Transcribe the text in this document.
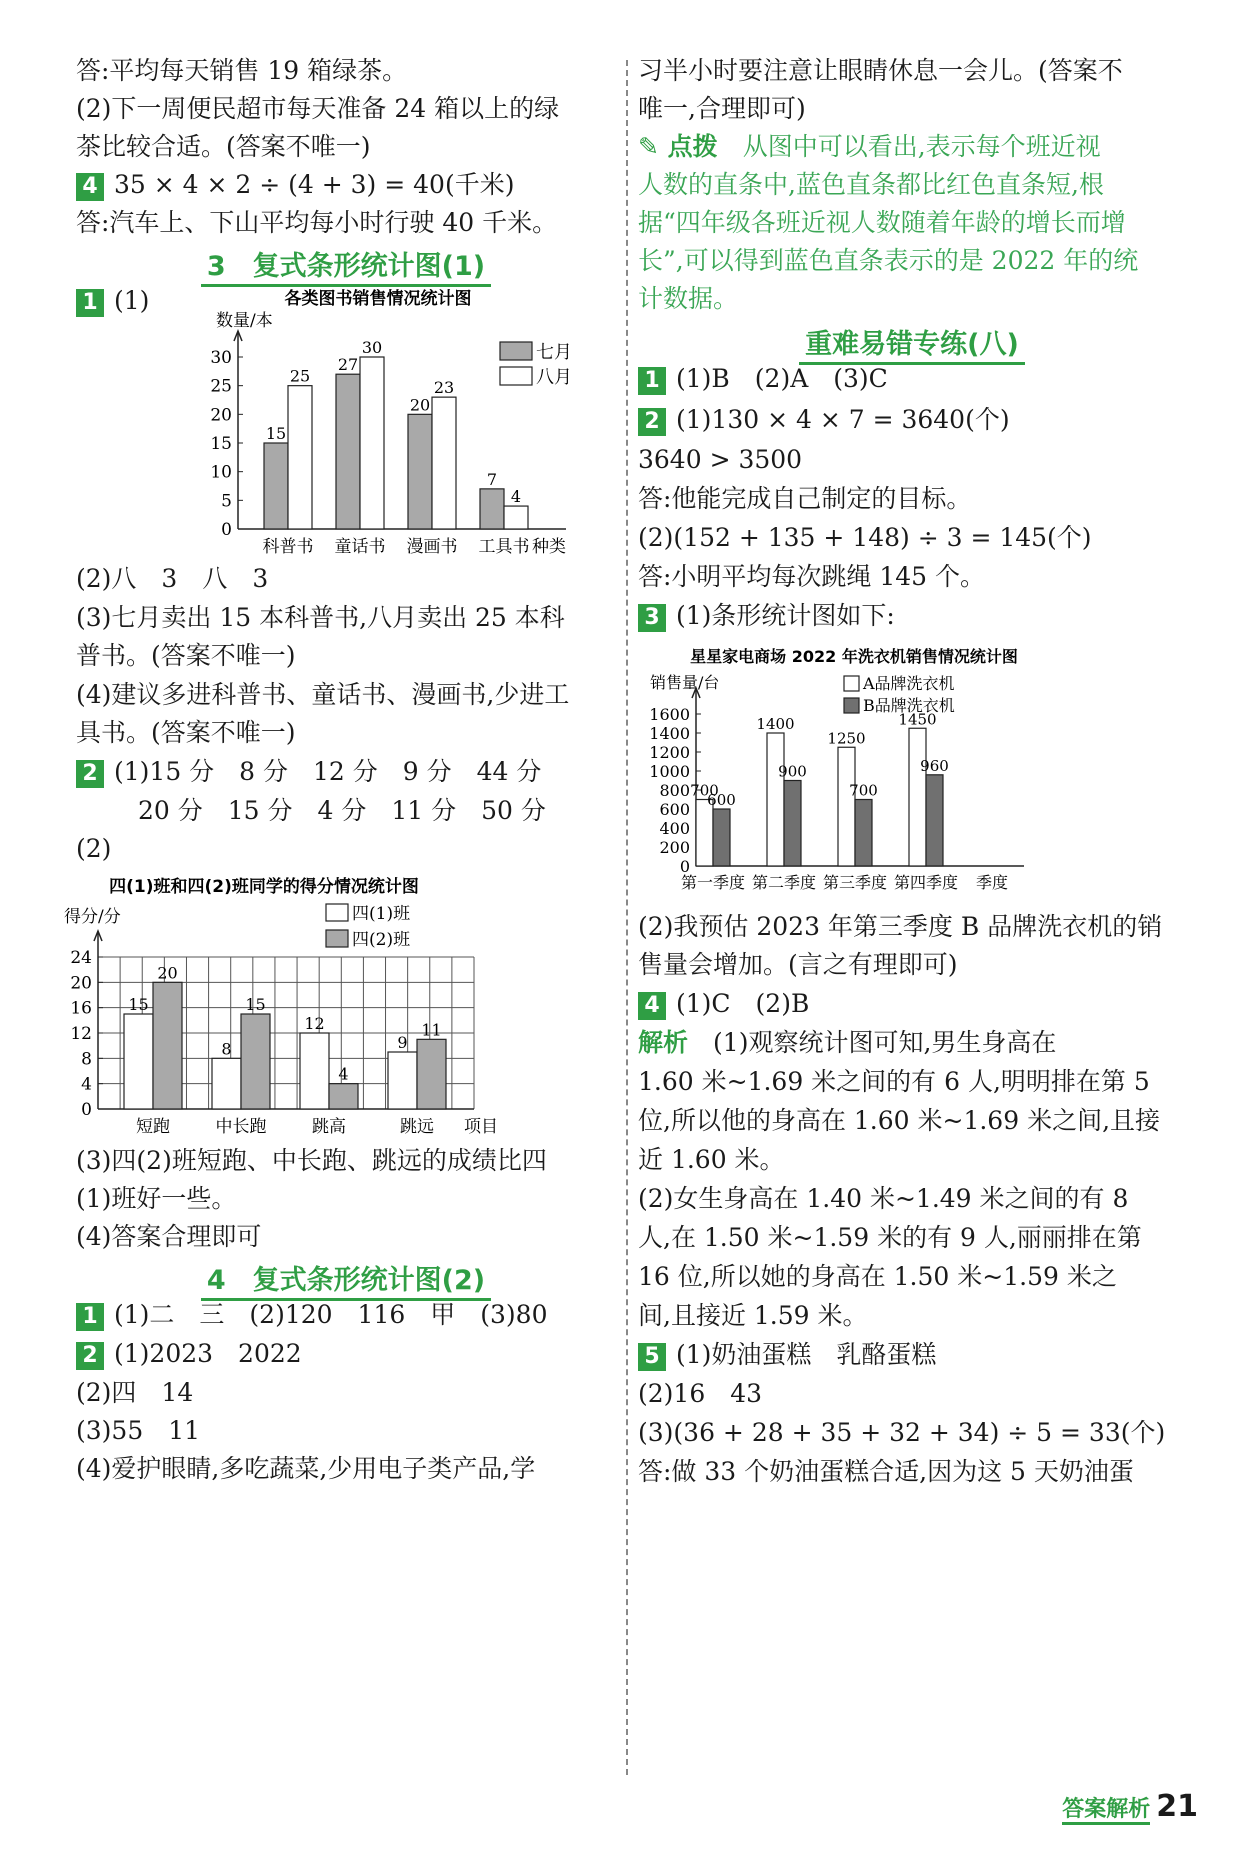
答:平均每天销售 19 箱绿茶。
(2)下一周便民超市每天准备 24 箱以上的绿
茶比较合适。(答案不唯一)
4 35 × 4 × 2 ÷ (4 + 3) = 40(千米)
答:汽车上、下山平均每小时行驶 40 千米。
3　复式条形统计图(1)
1 (1)	各类图书销售情况统计图
数量/本
0
5
10
15
20
25
30
15
25
科普书
27
30
童话书
20
23
漫画书
7
4
工具书 种类
七月
八月
(2)八　3　八　3
(3)七月卖出 15 本科普书,八月卖出 25 本科
普书。(答案不唯一)
(4)建议多进科普书、童话书、漫画书,少进工
具书。(答案不唯一)
2 (1)15 分　8 分　12 分　9 分　44 分
20 分　15 分　4 分　11 分　50 分
(2)
四(1)班和四(2)班同学的得分情况统计图
得分/分
0
4
8
12
16
20
24
15
20
短跑
8
15
中长跑
12
4
跳高
9
11
跳远 项目
四(1)班
四(2)班
(3)四(2)班短跑、中长跑、跳远的成绩比四
(1)班好一些。
(4)答案合理即可
4　复式条形统计图(2)
1 (1)二　三　(2)120　116　甲　(3)80
2 (1)2023　2022
(2)四　14
(3)55　11
(4)爱护眼睛,多吃蔬菜,少用电子类产品,学
习半小时要注意让眼睛休息一会儿。(答案不
唯一,合理即可)
✎ 点拨　 从图中可以看出,表示每个班近视
人数的直条中,蓝色直条都比红色直条短,根
据“四年级各班近视人数随着年龄的增长而增
长”,可以得到蓝色直条表示的是 2022 年的统
计数据。
重难易错专练(八)
1 (1)B　(2)A　(3)C
2 (1)130 × 4 × 7 = 3640(个)
3640 > 3500
答:他能完成自己制定的目标。
(2)(152 + 135 + 148) ÷ 3 = 145(个)
答:小明平均每次跳绳 145 个。
3 (1)条形统计图如下:
星星家电商场 2022 年洗衣机销售情况统计图
销售量/台
0
200
400
600
800
1000
1200
1400
1600
700
600
第一季度
1400
900
第二季度
1250
700
第三季度
1450
960
第四季度 季度
A品牌洗衣机
B品牌洗衣机
(2)我预估 2023 年第三季度 B 品牌洗衣机的销
售量会增加。(言之有理即可)
4 (1)C　(2)B
解析　 (1)观察统计图可知,男生身高在
1.60 米~1.69 米之间的有 6 人,明明排在第 5
位,所以他的身高在 1.60 米~1.69 米之间,且接
近 1.60 米。
(2)女生身高在 1.40 米~1.49 米之间的有 8
人,在 1.50 米~1.59 米的有 9 人,丽丽排在第
16 位,所以她的身高在 1.50 米~1.59 米之
间,且接近 1.59 米。
5 (1)奶油蛋糕　乳酪蛋糕
(2)16　43
(3)(36 + 28 + 35 + 32 + 34) ÷ 5 = 33(个)
答:做 33 个奶油蛋糕合适,因为这 5 天奶油蛋
答案解析 21
